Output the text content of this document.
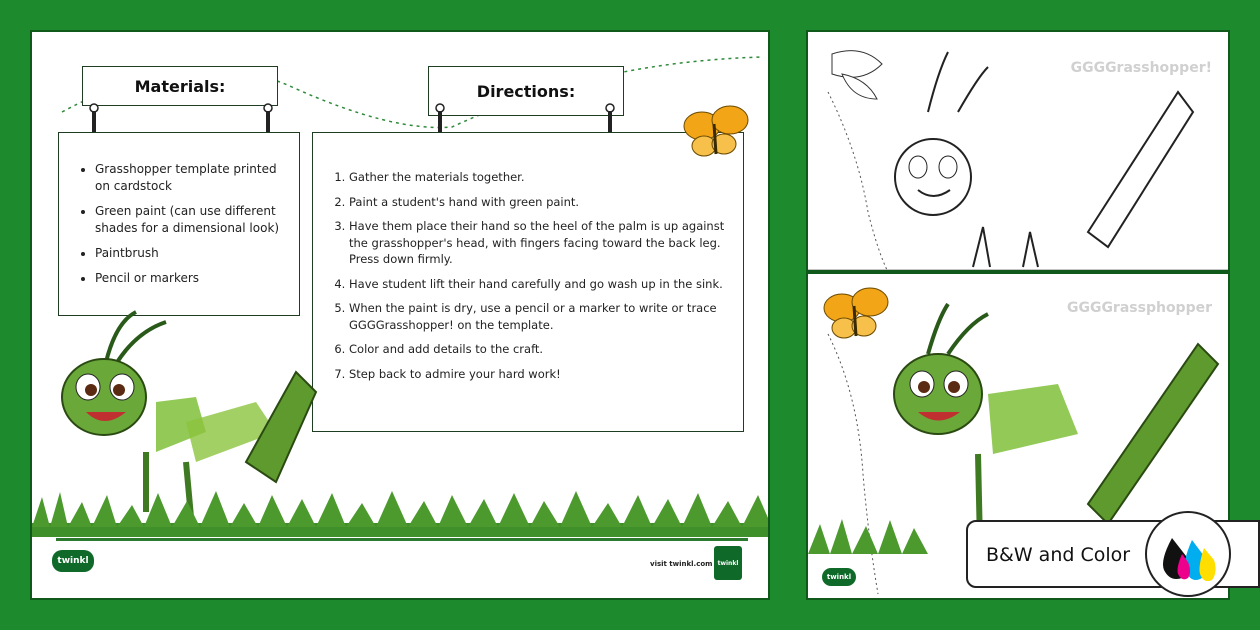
Materials:
• Grasshopper template printed on cardstock
• Green paint (can use different shades for a dimensional look)
• Paintbrush
• Pencil or markers
Directions:
1. Gather the materials together.
2. Paint a student's hand with green paint.
3. Have them place their hand so the heel of the palm is up against the grasshopper's head, with fingers facing toward the back leg. Press down firmly.
4. Have student lift their hand carefully and go wash up in the sink.
5. When the paint is dry, use a pencil or a marker to write or trace GGGGrasshopper! on the template.
6. Color and add details to the craft.
7. Step back to admire your hard work!
twinkl	visit twinkl.com twinkl
GGGGrasshopper!
GGGGrassphopper
twinkl
B&W and Color
